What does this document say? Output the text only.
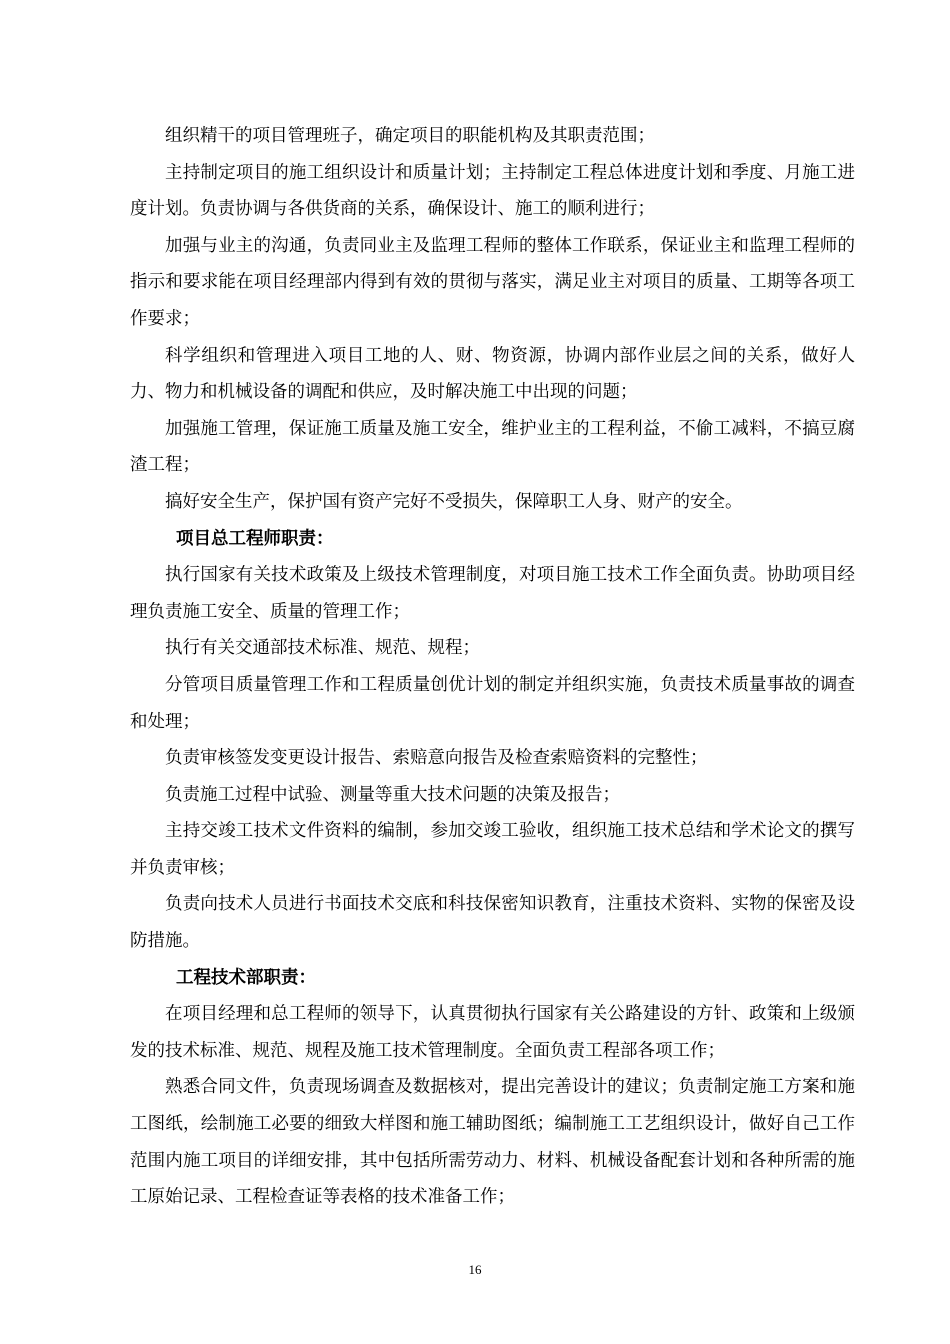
组织精干的项目管理班子，确定项目的职能机构及其职责范围；

主持制定项目的施工组织设计和质量计划；主持制定工程总体进度计划和季度、月施工进度计划。负责协调与各供货商的关系，确保设计、施工的顺利进行；

加强与业主的沟通，负责同业主及监理工程师的整体工作联系，保证业主和监理工程师的指示和要求能在项目经理部内得到有效的贯彻与落实，满足业主对项目的质量、工期等各项工作要求；

科学组织和管理进入项目工地的人、财、物资源，协调内部作业层之间的关系，做好人力、物力和机械设备的调配和供应，及时解决施工中出现的问题；

加强施工管理，保证施工质量及施工安全，维护业主的工程利益，不偷工减料，不搞豆腐渣工程；

搞好安全生产，保护国有资产完好不受损失，保障职工人身、财产的安全。

项目总工程师职责：

执行国家有关技术政策及上级技术管理制度，对项目施工技术工作全面负责。协助项目经理负责施工安全、质量的管理工作；

执行有关交通部技术标准、规范、规程；

分管项目质量管理工作和工程质量创优计划的制定并组织实施，负责技术质量事故的调查和处理；

负责审核签发变更设计报告、索赔意向报告及检查索赔资料的完整性；

负责施工过程中试验、测量等重大技术问题的决策及报告；

主持交竣工技术文件资料的编制，参加交竣工验收，组织施工技术总结和学术论文的撰写并负责审核；

负责向技术人员进行书面技术交底和科技保密知识教育，注重技术资料、实物的保密及设防措施。

工程技术部职责：

在项目经理和总工程师的领导下，认真贯彻执行国家有关公路建设的方针、政策和上级颁发的技术标准、规范、规程及施工技术管理制度。全面负责工程部各项工作；

熟悉合同文件，负责现场调查及数据核对，提出完善设计的建议；负责制定施工方案和施工图纸，绘制施工必要的细致大样图和施工辅助图纸；编制施工工艺组织设计，做好自己工作范围内施工项目的详细安排，其中包括所需劳动力、材料、机械设备配套计划和各种所需的施工原始记录、工程检查证等表格的技术准备工作；

16
